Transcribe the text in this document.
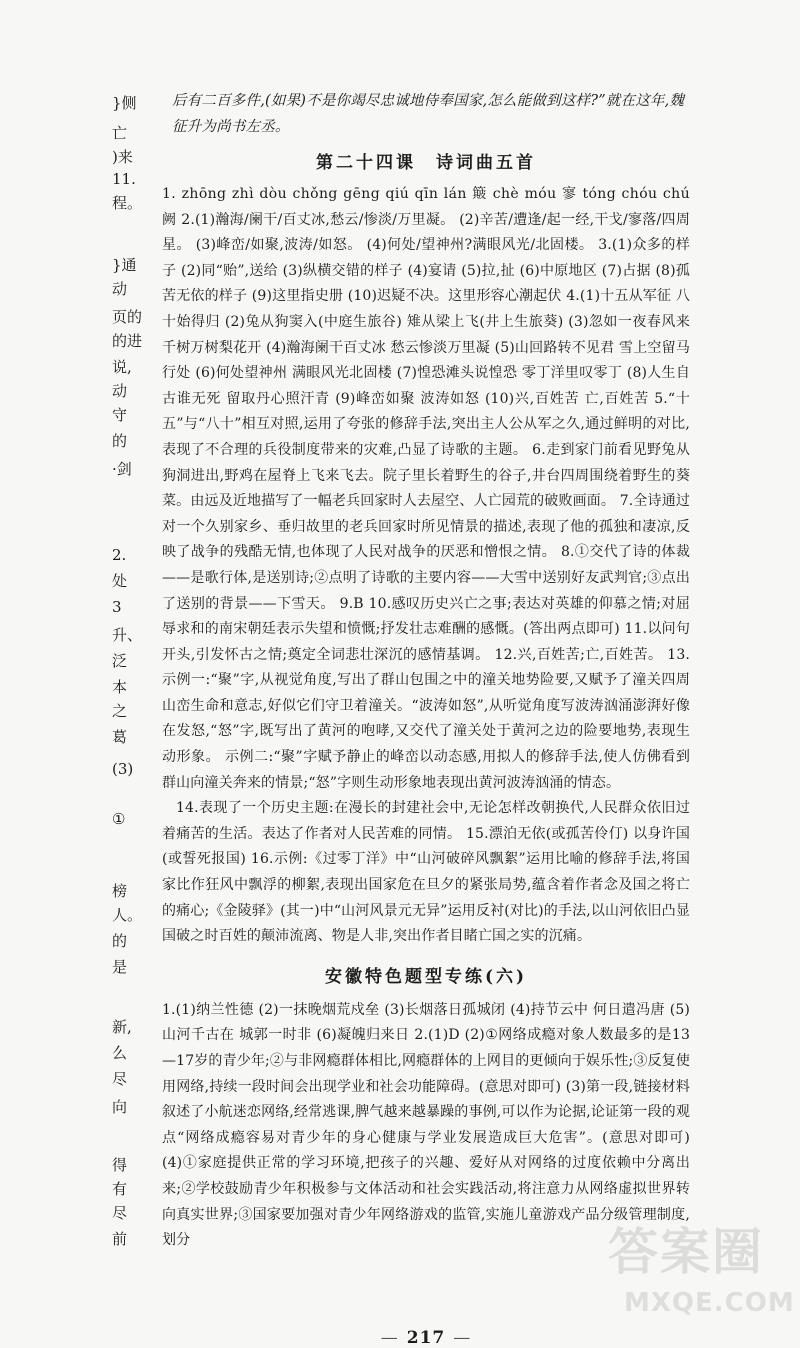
}侧
亡
)来
11.
程。
}通
动
页的
的进
说,
动
守
的
·剑
2.
处
3
升、
泛
本
之
葛
(3)
①
榜
人。
的
是
新,
么
尽
向
得
有
尽
前

后有二百多件,(如果)不是你竭尽忠诚地侍奉国家,怎么能做到这样?”就在这年,魏征升为尚书左丞。

第二十四课　诗词曲五首

1. zhōng zhì dòu chǒng gēng qiú qīn lán 簸 chè móu 寥 tóng chóu chú 阙 2.(1)瀚海/阑干/百丈冰,愁云/惨淡/万里凝。 (2)辛苦/遭逢/起一经,干戈/寥落/四周星。 (3)峰峦/如聚,波涛/如怒。 (4)何处/望神州?满眼风光/北固楼。 3.(1)众多的样子 (2)同“贻”,送给 (3)纵横交错的样子 (4)宴请 (5)拉,扯 (6)中原地区 (7)占据 (8)孤苦无依的样子 (9)这里指史册 (10)迟疑不决。这里形容心潮起伏 4.(1)十五从军征 八十始得归 (2)兔从狗窦入(中庭生旅谷) 雉从梁上飞(井上生旅葵) (3)忽如一夜春风来 千树万树梨花开 (4)瀚海阑干百丈冰 愁云惨淡万里凝 (5)山回路转不见君 雪上空留马行处 (6)何处望神州 满眼风光北固楼 (7)惶恐滩头说惶恐 零丁洋里叹零丁 (8)人生自古谁无死 留取丹心照汗青 (9)峰峦如聚 波涛如怒 (10)兴,百姓苦 亡,百姓苦 5.“十五”与“八十”相互对照,运用了夸张的修辞手法,突出主人公从军之久,通过鲜明的对比,表现了不合理的兵役制度带来的灾难,凸显了诗歌的主题。 6.走到家门前看见野兔从狗洞进出,野鸡在屋脊上飞来飞去。院子里长着野生的谷子,井台四周围绕着野生的葵菜。由远及近地描写了一幅老兵回家时人去屋空、人亡园荒的破败画面。 7.全诗通过对一个久别家乡、垂归故里的老兵回家时所见情景的描述,表现了他的孤独和凄凉,反映了战争的残酷无情,也体现了人民对战争的厌恶和憎恨之情。 8.①交代了诗的体裁——是歌行体,是送别诗;②点明了诗歌的主要内容——大雪中送别好友武判官;③点出了送别的背景——下雪天。 9.B 10.感叹历史兴亡之事;表达对英雄的仰慕之情;对屈辱求和的南宋朝廷表示失望和愤慨;抒发壮志难酬的感慨。(答出两点即可) 11.以问句开头,引发怀古之情;奠定全词悲壮深沉的感情基调。 12.兴,百姓苦;亡,百姓苦。 13.示例一:“聚”字,从视觉角度,写出了群山包围之中的潼关地势险要,又赋予了潼关四周山峦生命和意志,好似它们守卫着潼关。“波涛如怒”,从听觉角度写波涛汹涌澎湃好像在发怒,“怒”字,既写出了黄河的咆哮,又交代了潼关处于黄河之边的险要地势,表现生动形象。 示例二:“聚”字赋予静止的峰峦以动态感,用拟人的修辞手法,使人仿佛看到群山向潼关奔来的情景;“怒”字则生动形象地表现出黄河波涛汹涌的情态。

14.表现了一个历史主题:在漫长的封建社会中,无论怎样改朝换代,人民群众依旧过着痛苦的生活。表达了作者对人民苦难的同情。 15.漂泊无依(或孤苦伶仃) 以身许国(或誓死报国) 16.示例:《过零丁洋》中“山河破碎风飘絮”运用比喻的修辞手法,将国家比作狂风中飘浮的柳絮,表现出国家危在旦夕的紧张局势,蕴含着作者念及国之将亡的痛心;《金陵驿》(其一)中“山河风景元无异”运用反衬(对比)的手法,以山河依旧凸显国破之时百姓的颠沛流离、物是人非,突出作者目睹亡国之实的沉痛。

安徽特色题型专练(六)

1.(1)纳兰性德 (2)一抹晚烟荒戍垒 (3)长烟落日孤城闭 (4)持节云中 何日遣冯唐 (5)山河千古在 城郭一时非 (6)凝魄归来日 2.(1)D (2)①网络成瘾对象人数最多的是13—17岁的青少年;②与非网瘾群体相比,网瘾群体的上网目的更倾向于娱乐性;③反复使用网络,持续一段时间会出现学业和社会功能障碍。(意思对即可) (3)第一段,链接材料叙述了小航迷恋网络,经常逃课,脾气越来越暴躁的事例,可以作为论据,论证第一段的观点“网络成瘾容易对青少年的身心健康与学业发展造成巨大危害”。(意思对即可) (4)①家庭提供正常的学习环境,把孩子的兴趣、爱好从对网络的过度依赖中分离出来;②学校鼓励青少年积极参与文体活动和社会实践活动,将注意力从网络虚拟世界转向真实世界;③国家要加强对青少年网络游戏的监管,实施儿童游戏产品分级管理制度,划分

— 217 —
答案圈
MXQE.COM
